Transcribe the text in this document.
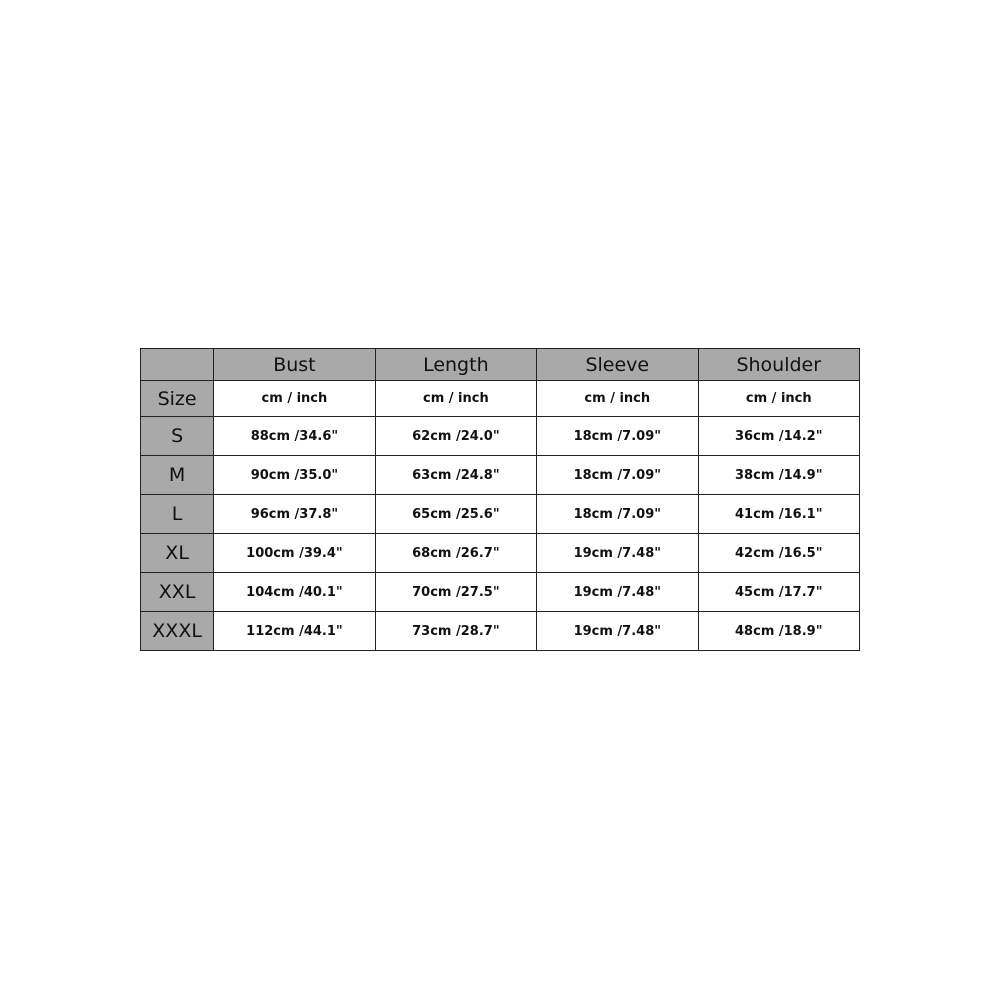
	Bust	Length	Sleeve	Shoulder
Size	cm / inch	cm / inch	cm / inch	cm / inch
S	88cm /34.6"	62cm /24.0"	18cm /7.09"	36cm /14.2"
M	90cm /35.0"	63cm /24.8"	18cm /7.09"	38cm /14.9"
L	96cm /37.8"	65cm /25.6"	18cm /7.09"	41cm /16.1"
XL	100cm /39.4"	68cm /26.7"	19cm /7.48"	42cm /16.5"
XXL	104cm /40.1"	70cm /27.5"	19cm /7.48"	45cm /17.7"
XXXL	112cm /44.1"	73cm /28.7"	19cm /7.48"	48cm /18.9"
